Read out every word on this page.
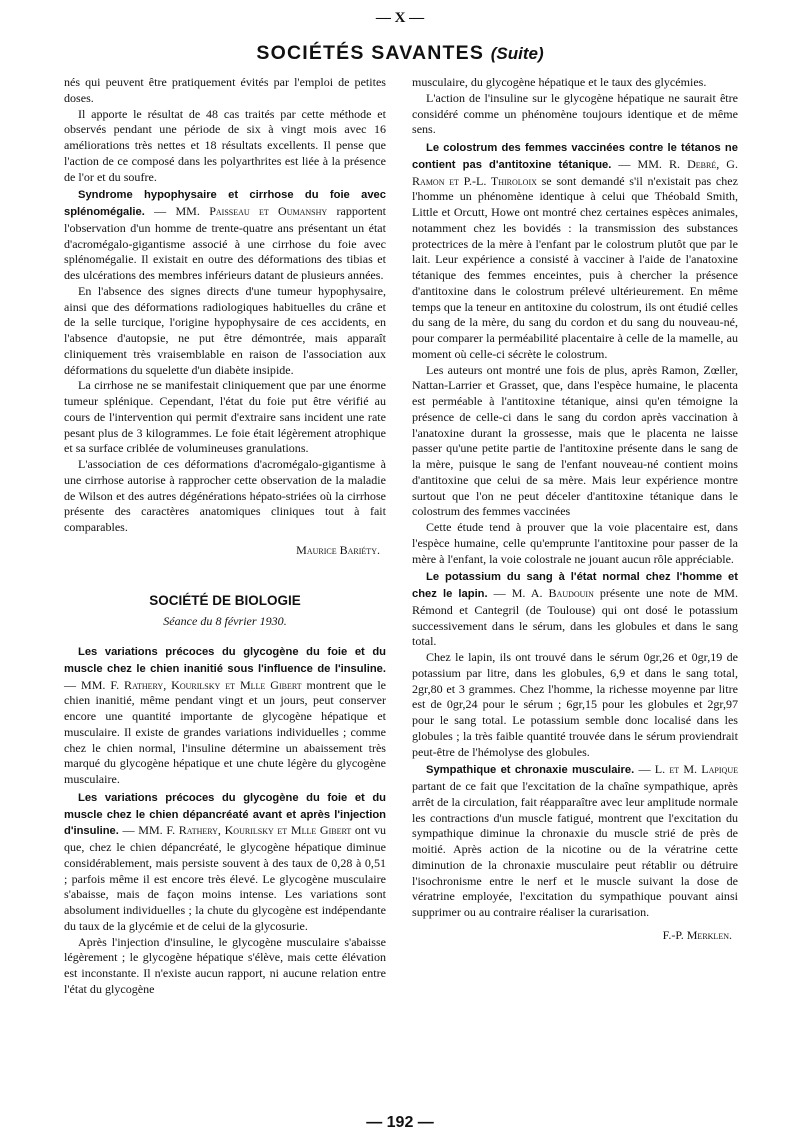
— X —
SOCIÉTÉS SAVANTES (Suite)

nés qui peuvent être pratiquement évités par l'emploi de petites doses.

Il apporte le résultat de 48 cas traités par cette méthode et observés pendant une période de six à vingt mois avec 16 améliorations très nettes et 18 résultats excellents. Il pense que l'action de ce composé dans les polyarthrites est liée à la présence de l'or et du soufre.

Syndrome hypophysaire et cirrhose du foie avec splénomégalie. — MM. Paisseau et Oumanshy rapportent l'observation d'un homme de trente-quatre ans présentant un état d'acromégalo-gigantisme associé à une cirrhose du foie avec splénomégalie. Il existait en outre des déformations des tibias et des ulcérations des membres inférieurs datant de plusieurs années.

En l'absence des signes directs d'une tumeur hypophysaire, ainsi que des déformations radiologiques habituelles du crâne et de la selle turcique, l'origine hypophysaire de ces accidents, en l'absence d'autopsie, ne put être démontrée, mais apparaît cliniquement très vraisemblable en raison de l'association aux déformations du squelette d'un diabète insipide.

La cirrhose ne se manifestait cliniquement que par une énorme tumeur splénique. Cependant, l'état du foie put être vérifié au cours de l'intervention qui permit d'extraire sans incident une rate pesant plus de 3 kilogrammes. Le foie était légèrement atrophique et sa surface criblée de volumineuses granulations.

L'association de ces déformations d'acromégalo-gigantisme à une cirrhose autorise à rapprocher cette observation de la maladie de Wilson et des autres dégénérations hépato-striées où la cirrhose présente des caractères anatomiques cliniques tout à fait comparables.

Maurice Bariéty.

SOCIÉTÉ DE BIOLOGIE

Séance du 8 février 1930.

Les variations précoces du glycogène du foie et du muscle chez le chien inanitié sous l'influence de l'insuline. — MM. F. Rathery, Kourilsky et Mlle Gibert montrent que le chien inanitié, même pendant vingt et un jours, peut conserver encore une quantité importante de glycogène hépatique et musculaire. Il existe de grandes variations individuelles ; comme chez le chien normal, l'insuline détermine un abaissement très marqué du glycogène hépatique et une chute légère du glycogène musculaire.

Les variations précoces du glycogène du foie et du muscle chez le chien dépancréaté avant et après l'injection d'insuline. — MM. F. Rathery, Kourilsky et Mlle Gibert ont vu que, chez le chien dépancréaté, le glycogène hépatique diminue considérablement, mais persiste souvent à des taux de 0,28 à 0,51 ; parfois même il est encore très élevé. Le glycogène musculaire s'abaisse, mais de façon moins intense. Les variations sont absolument individuelles ; la chute du glycogène est indépendante du taux de la glycémie et de celui de la glycosurie.

Après l'injection d'insuline, le glycogène musculaire s'abaisse légèrement ; le glycogène hépatique s'élève, mais cette élévation est inconstante. Il n'existe aucun rapport, ni aucune relation entre l'état du glycogène

musculaire, du glycogène hépatique et le taux des glycémies.

L'action de l'insuline sur le glycogène hépatique ne saurait être considéré comme un phénomène toujours identique et de même sens.

Le colostrum des femmes vaccinées contre le tétanos ne contient pas d'antitoxine tétanique. — MM. R. Debré, G. Ramon et P.-L. Thiroloix se sont demandé s'il n'existait pas chez l'homme un phénomène identique à celui que Théobald Smith, Little et Orcutt, Howe ont montré chez certaines espèces animales, notamment chez les bovidés : la transmission des substances protectrices de la mère à l'enfant par le colostrum plutôt que par le lait. Leur expérience a consisté à vacciner à l'aide de l'anatoxine tétanique des femmes enceintes, puis à chercher la présence d'antitoxine dans le colostrum prélevé ultérieurement. En même temps que la teneur en antitoxine du colostrum, ils ont étudié celles du sang de la mère, du sang du cordon et du sang du nouveau-né, pour comparer la perméabilité placentaire à celle de la mamelle, au moment où celle-ci sécrète le colostrum.

Les auteurs ont montré une fois de plus, après Ramon, Zœller, Nattan-Larrier et Grasset, que, dans l'espèce humaine, le placenta est perméable à l'antitoxine tétanique, ainsi qu'en témoigne la présence de celle-ci dans le sang du cordon après vaccination à l'anatoxine durant la grossesse, mais que le placenta ne laisse passer qu'une petite partie de l'antitoxine présente dans le sang de la mère, puisque le sang de l'enfant nouveau-né contient moins d'antitoxine que celui de sa mère. Mais leur expérience montre surtout que l'on ne peut déceler d'antitoxine tétanique dans le colostrum des femmes vaccinées

Cette étude tend à prouver que la voie placentaire est, dans l'espèce humaine, celle qu'emprunte l'antitoxine pour passer de la mère à l'enfant, la voie colostrale ne jouant aucun rôle appréciable.

Le potassium du sang à l'état normal chez l'homme et chez le lapin. — M. A. Baudouin présente une note de MM. Rémond et Cantegril (de Toulouse) qui ont dosé le potassium successivement dans le sérum, dans les globules et dans le sang total.

Chez le lapin, ils ont trouvé dans le sérum 0gr,26 et 0gr,19 de potassium par litre, dans les globules, 6,9 et dans le sang total, 2gr,80 et 3 grammes. Chez l'homme, la richesse moyenne par litre est de 0gr,24 pour le sérum ; 6gr,15 pour les globules et 2gr,97 pour le sang total. Le potassium semble donc localisé dans les globules ; la très faible quantité trouvée dans le sérum proviendrait peut-être de l'hémolyse des globules.

Sympathique et chronaxie musculaire. — L. et M. Lapique partant de ce fait que l'excitation de la chaîne sympathique, après arrêt de la circulation, fait réapparaître avec leur amplitude normale les contractions d'un muscle fatigué, montrent que l'excitation du sympathique diminue la chronaxie du muscle strié de près de moitié. Après action de la nicotine ou de la vératrine cette diminution de la chronaxie musculaire peut rétablir ou détruire l'isochronisme entre le nerf et le muscle suivant la dose de vératrine employée, l'excitation du sympathique pouvant ainsi supprimer ou au contraire réaliser la curarisation.

F.-P. Merklen.

— 192 —
